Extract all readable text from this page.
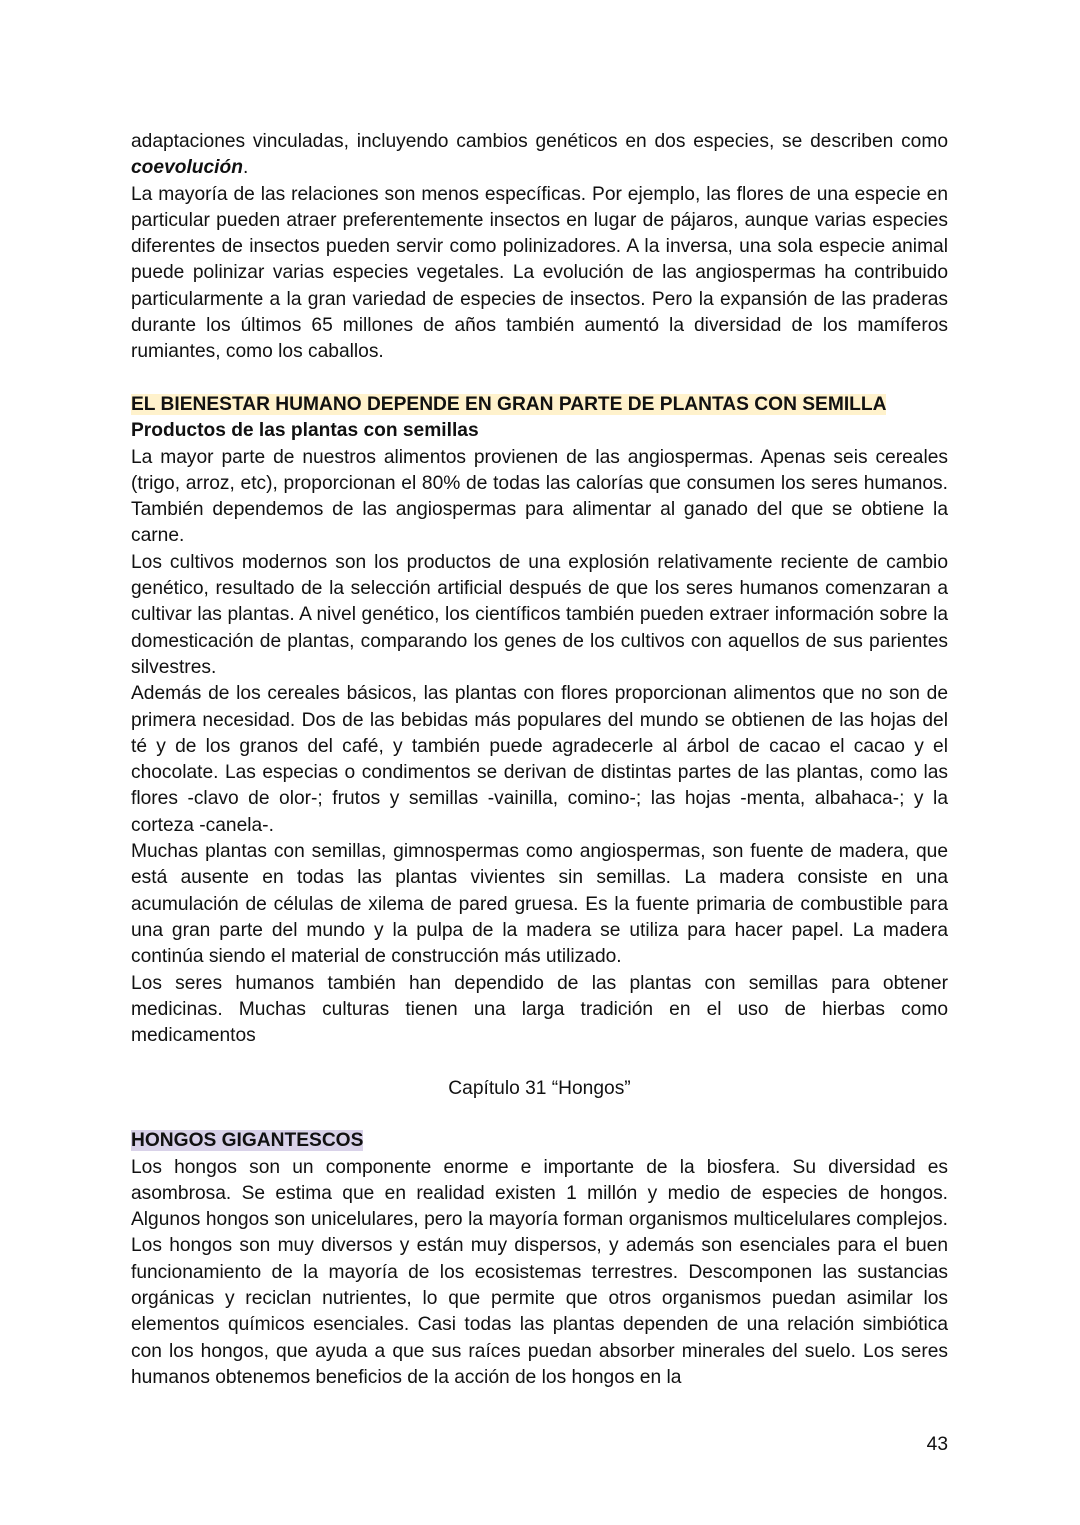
adaptaciones vinculadas, incluyendo cambios genéticos en dos especies, se describen como coevolución.

La mayoría de las relaciones son menos específicas. Por ejemplo, las flores de una especie en particular pueden atraer preferentemente insectos en lugar de pájaros, aunque varias especies diferentes de insectos pueden servir como polinizadores. A la inversa, una sola especie animal puede polinizar varias especies vegetales. La evolución de las angiospermas ha contribuido particularmente a la gran variedad de especies de insectos. Pero la expansión de las praderas durante los últimos 65 millones de años también aumentó la diversidad de los mamíferos rumiantes, como los caballos.

EL BIENESTAR HUMANO DEPENDE EN GRAN PARTE DE PLANTAS CON SEMILLA

Productos de las plantas con semillas

La mayor parte de nuestros alimentos provienen de las angiospermas. Apenas seis cereales (trigo, arroz, etc), proporcionan el 80% de todas las calorías que consumen los seres humanos. También dependemos de las angiospermas para alimentar al ganado del que se obtiene la carne.

Los cultivos modernos son los productos de una explosión relativamente reciente de cambio genético, resultado de la selección artificial después de que los seres humanos comenzaran a cultivar las plantas. A nivel genético, los científicos también pueden extraer información sobre la domesticación de plantas, comparando los genes de los cultivos con aquellos de sus parientes silvestres.

Además de los cereales básicos, las plantas con flores proporcionan alimentos que no son de primera necesidad. Dos de las bebidas más populares del mundo se obtienen de las hojas del té y de los granos del café, y también puede agradecerle al árbol de cacao el cacao y el chocolate. Las especias o condimentos se derivan de distintas partes de las plantas, como las flores -clavo de olor-; frutos y semillas -vainilla, comino-; las hojas -menta, albahaca-; y la corteza -canela-.

Muchas plantas con semillas, gimnospermas como angiospermas, son fuente de madera, que está ausente en todas las plantas vivientes sin semillas. La madera consiste en una acumulación de células de xilema de pared gruesa. Es la fuente primaria de combustible para una gran parte del mundo y la pulpa de la madera se utiliza para hacer papel. La madera continúa siendo el material de construcción más utilizado.

Los seres humanos también han dependido de las plantas con semillas para obtener medicinas. Muchas culturas tienen una larga tradición en el uso de hierbas como medicamentos

Capítulo 31 “Hongos”

HONGOS GIGANTESCOS

Los hongos son un componente enorme e importante de la biosfera. Su diversidad es asombrosa. Se estima que en realidad existen 1 millón y medio de especies de hongos. Algunos hongos son unicelulares, pero la mayoría forman organismos multicelulares complejos. Los hongos son muy diversos y están muy dispersos, y además son esenciales para el buen funcionamiento de la mayoría de los ecosistemas terrestres. Descomponen las sustancias orgánicas y reciclan nutrientes, lo que permite que otros organismos puedan asimilar los elementos químicos esenciales. Casi todas las plantas dependen de una relación simbiótica con los hongos, que ayuda a que sus raíces puedan absorber minerales del suelo. Los seres humanos obtenemos beneficios de la acción de los hongos en la

43
